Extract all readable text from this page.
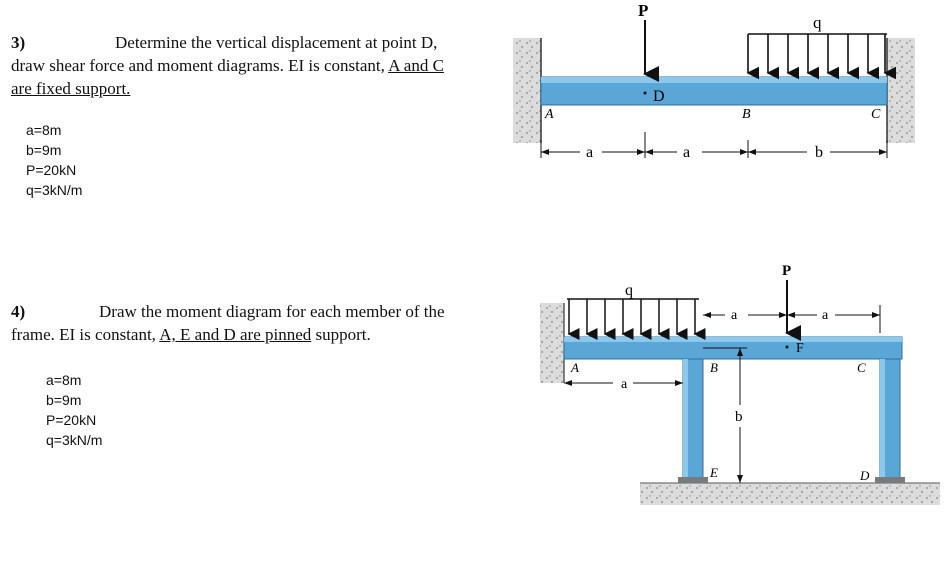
3)	Determine the vertical displacement at point D,
draw shear force and moment diagrams. EI is constant, A and C
are fixed support.
a=8m
b=9m
P=20kN
q=3kN/m
P
q
A
D
B	C
a	a	b
4)	Draw the moment diagram for each member of the
frame. EI is constant, A, E and D are pinned support.
a=8m
b=9m
P=20kN
q=3kN/m
q
P
a	a
a
b
A	B
F
C
E	D
